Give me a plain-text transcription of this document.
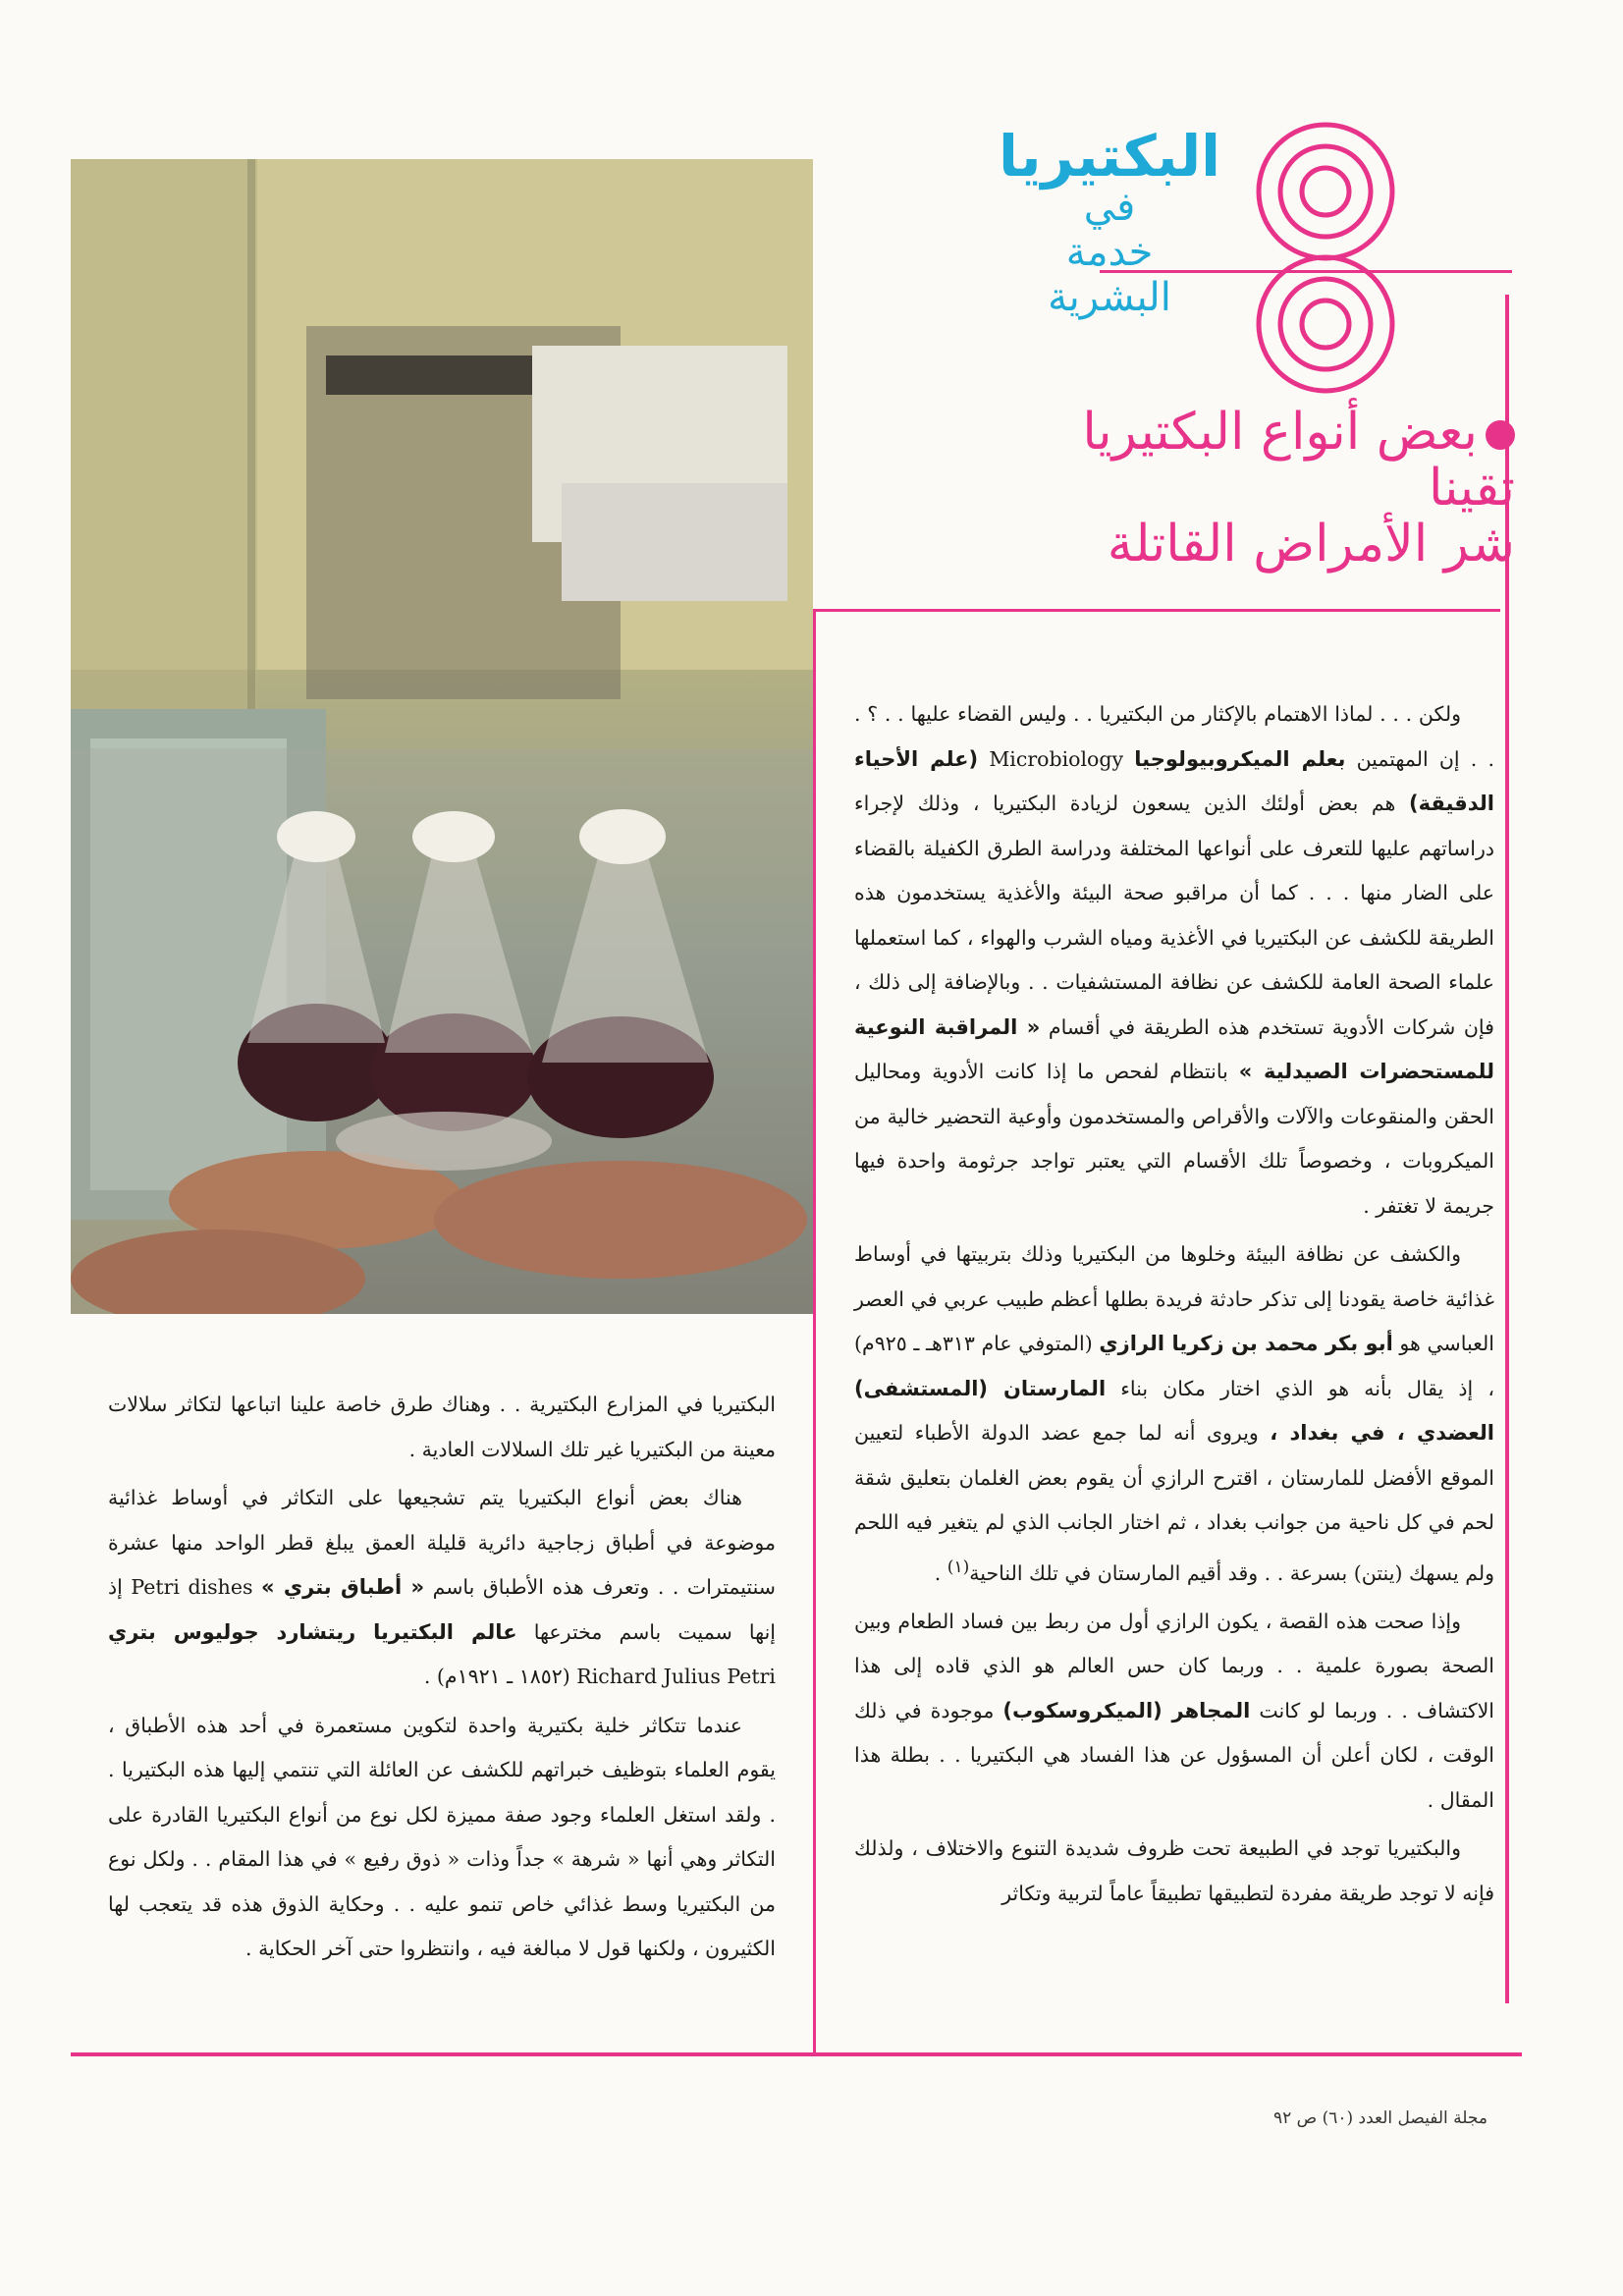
البكتيريا
في
خدمة
البشرية
بعض أنواع البكتيريا
تقينا
شر الأمراض القاتلة

ولكن . . . لماذا الاهتمام بالإكثار من البكتيريا . . وليس القضاء عليها . . ؟ . . . إن المهتمين بعلم الميكروبيولوجيا Microbiology (علم الأحياء الدقيقة) هم بعض أولئك الذين يسعون لزيادة البكتيريا ، وذلك لإجراء دراساتهم عليها للتعرف على أنواعها المختلفة ودراسة الطرق الكفيلة بالقضاء على الضار منها . . . كما أن مراقبو صحة البيئة والأغذية يستخدمون هذه الطريقة للكشف عن البكتيريا في الأغذية ومياه الشرب والهواء ، كما استعملها علماء الصحة العامة للكشف عن نظافة المستشفيات . . وبالإضافة إلى ذلك ، فإن شركات الأدوية تستخدم هذه الطريقة في أقسام « المراقبة النوعية للمستحضرات الصيدلية » بانتظام لفحص ما إذا كانت الأدوية ومحاليل الحقن والمنقوعات والآلات والأقراص والمستخدمون وأوعية التحضير خالية من الميكروبات ، وخصوصاً تلك الأقسام التي يعتبر تواجد جرثومة واحدة فيها جريمة لا تغتفر .

والكشف عن نظافة البيئة وخلوها من البكتيريا وذلك بتربيتها في أوساط غذائية خاصة يقودنا إلى تذكر حادثة فريدة بطلها أعظم طبيب عربي في العصر العباسي هو أبو بكر محمد بن زكريا الرازي (المتوفي عام ٣١٣هـ ـ ٩٢٥م) ، إذ يقال بأنه هو الذي اختار مكان بناء المارستان (المستشفى) العضدي ، في بغداد ، ويروى أنه لما جمع عضد الدولة الأطباء لتعيين الموقع الأفضل للمارستان ، اقترح الرازي أن يقوم بعض الغلمان بتعليق شقة لحم في كل ناحية من جوانب بغداد ، ثم اختار الجانب الذي لم يتغير فيه اللحم ولم يسهك (ينتن) بسرعة . . وقد أقيم المارستان في تلك الناحية$^{(١)}$ .

وإذا صحت هذه القصة ، يكون الرازي أول من ربط بين فساد الطعام وبين الصحة بصورة علمية . . وربما كان حس العالم هو الذي قاده إلى هذا الاكتشاف . . وربما لو كانت المجاهر (الميكروسكوب) موجودة في ذلك الوقت ، لكان أعلن أن المسؤول عن هذا الفساد هي البكتيريا . . بطلة هذا المقال .

والبكتيريا توجد في الطبيعة تحت ظروف شديدة التنوع والاختلاف ، ولذلك فإنه لا توجد طريقة مفردة لتطبيقها تطبيقاً عاماً لتربية وتكاثر

البكتيريا في المزارع البكتيرية . . وهناك طرق خاصة علينا اتباعها لتكاثر سلالات معينة من البكتيريا غير تلك السلالات العادية .

هناك بعض أنواع البكتيريا يتم تشجيعها على التكاثر في أوساط غذائية موضوعة في أطباق زجاجية دائرية قليلة العمق يبلغ قطر الواحد منها عشرة سنتيمترات . . وتعرف هذه الأطباق باسم « أطباق بتري » Petri dishes إذ إنها سميت باسم مخترعها عالم البكتيريا ريتشارد جوليوس بتري Richard Julius Petri (١٨٥٢ ـ ١٩٢١م) .

عندما تتكاثر خلية بكتيرية واحدة لتكوين مستعمرة في أحد هذه الأطباق ، يقوم العلماء بتوظيف خبراتهم للكشف عن العائلة التي تنتمي إليها هذه البكتيريا . . ولقد استغل العلماء وجود صفة مميزة لكل نوع من أنواع البكتيريا القادرة على التكاثر وهي أنها « شرهة » جداً وذات « ذوق رفيع » في هذا المقام . . ولكل نوع من البكتيريا وسط غذائي خاص تنمو عليه . . وحكاية الذوق هذه قد يتعجب لها الكثيرون ، ولكنها قول لا مبالغة فيه ، وانتظروا حتى آخر الحكاية .

مجلة الفيصل العدد (٦٠) ص ٩٢
